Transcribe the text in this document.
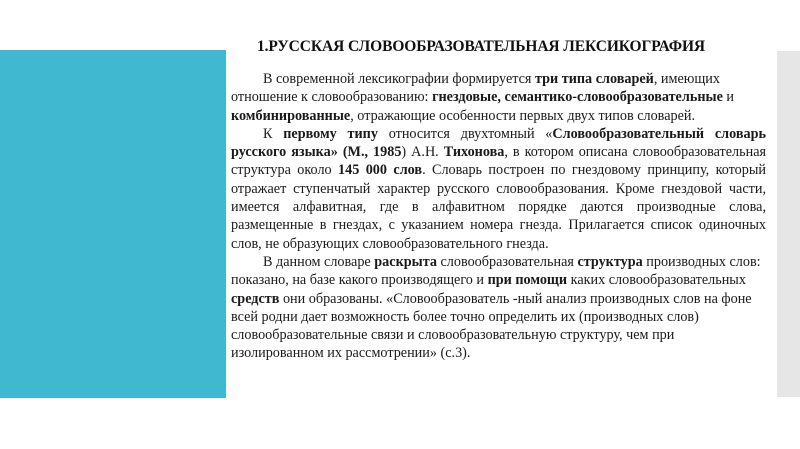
1.РУССКАЯ СЛОВООБРАЗОВАТЕЛЬНАЯ ЛЕКСИКОГРАФИЯ

В современной лексикографии формируется три типа словарей, имеющих отношение к словообразованию: гнездовые, семантико-словообразовательные и комбинированные, отражающие особенности первых двух типов словарей.

К первому типу относится двухтомный «Словообразовательный словарь русского языка» (М., 1985) А.Н. Тихонова, в котором описана словообразовательная структура около 145 000 слов. Словарь построен по гнездовому принципу, который отражает ступенчатый характер русского словообразования. Кроме гнездовой части, имеется алфавитная, где в алфавитном порядке даются производные слова, размещенные в гнездах, с указанием номера гнезда. Прилагается список одиночных слов, не образующих словообразовательного гнезда.

В данном словаре раскрыта словообразовательная структура производных слов: показано, на базе какого производящего и при помощи каких словообразовательных средств они образованы. «Словообразователь -ный анализ производных слов на фоне всей родни дает возможность более точно определить их (производных слов) словообразовательные связи и словообразовательную структуру, чем при изолированном их рассмотрении» (с.3).
